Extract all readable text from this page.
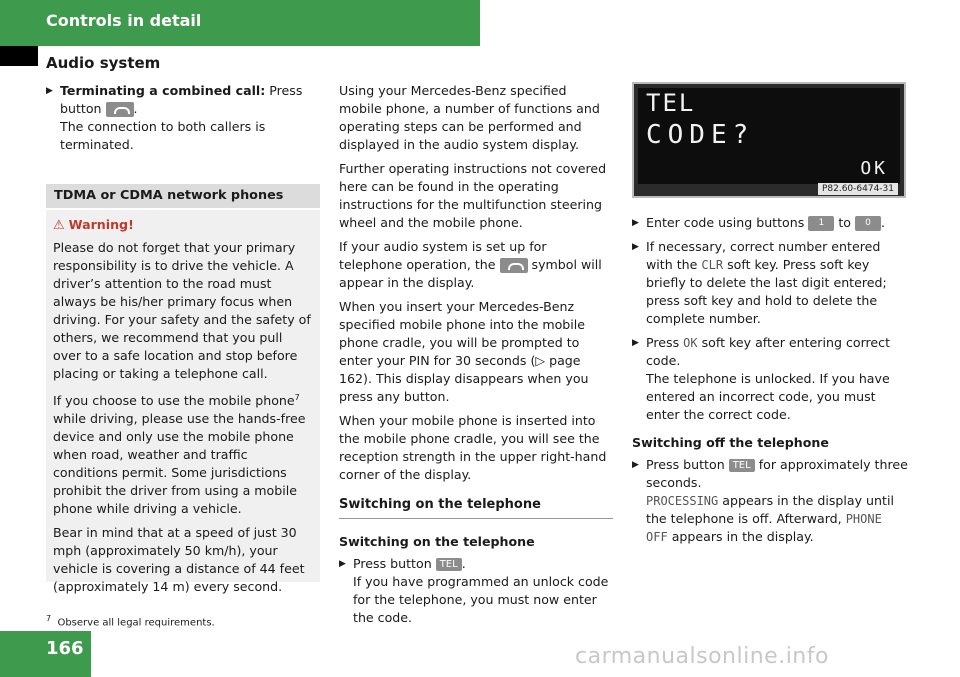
Controls in detail
Audio system
▶ Terminating a combined call: Press button .
The connection to both callers is terminated.
TDMA or CDMA network phones
⚠ Warning!

Please do not forget that your primary responsibility is to drive the vehicle. A driver’s attention to the road must always be his/her primary focus when driving. For your safety and the safety of others, we recommend that you pull over to a safe location and stop before placing or taking a telephone call.

If you choose to use the mobile phone$^7$ while driving, please use the hands-free device and only use the mobile phone when road, weather and traffic conditions permit. Some jurisdictions prohibit the driver from using a mobile phone while driving a vehicle.

Bear in mind that at a speed of just 30 mph (approximately 50 km/h), your vehicle is covering a distance of 44 feet (approximately 14 m) every second.

Using your Mercedes-Benz specified mobile phone, a number of functions and operating steps can be performed and displayed in the audio system display.

Further operating instructions not covered here can be found in the operating instructions for the multifunction steering wheel and the mobile phone.

If your audio system is set up for telephone operation, the  symbol will appear in the display.

When you insert your Mercedes-Benz specified mobile phone into the mobile phone cradle, you will be prompted to enter your PIN for 30 seconds (▷ page 162). This display disappears when you press any button.

When your mobile phone is inserted into the mobile phone cradle, you will see the reception strength in the upper right-hand corner of the display.

Switching on the telephone
Switching on the telephone
▶ Press button TEL .
If you have programmed an unlock code for the telephone, you must now enter the code.
TEL
CODE?
OK
P82.60-6474-31
▶ Enter code using buttons 1 to 0 .
▶ If necessary, correct number entered with the CLR soft key. Press soft key briefly to delete the last digit entered; press soft key and hold to delete the complete number.
▶ Press OK soft key after entering correct code.
The telephone is unlocked. If you have entered an incorrect code, you must enter the correct code.
Switching off the telephone
▶ Press button TEL for approximately three seconds.
PROCESSING appears in the display until the telephone is off. Afterward, PHONE OFF appears in the display.
$^7$ Observe all legal requirements.
166	carmanualsonline.info
